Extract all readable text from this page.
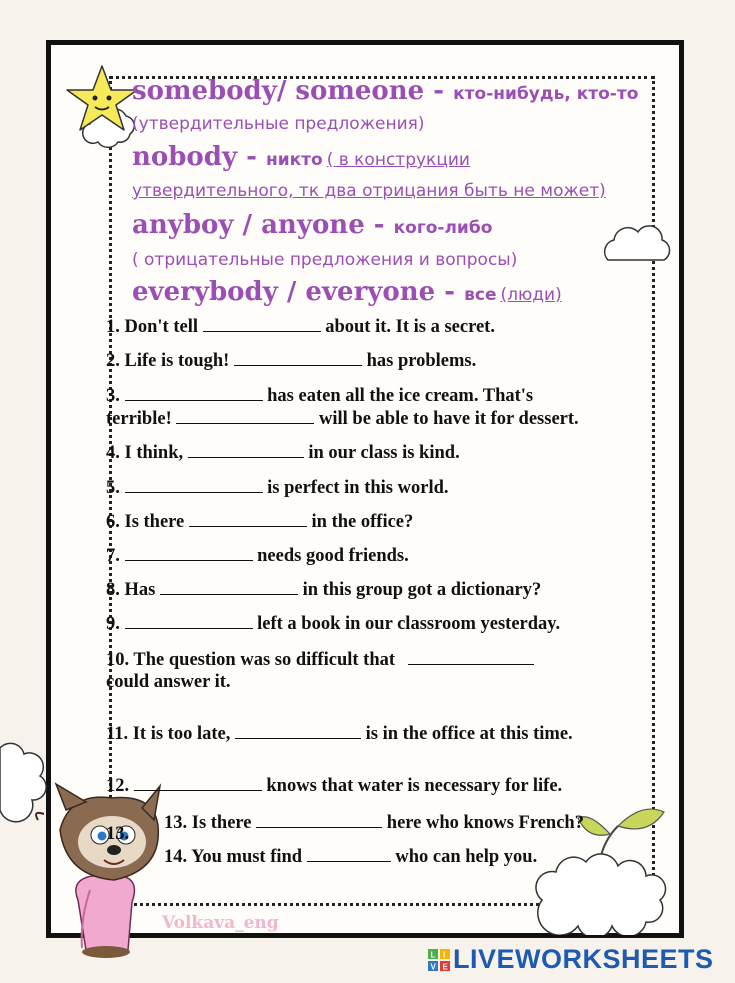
somebody/ someone - кто-нибудь, кто-то
(утвердительные предложения)
nobody - никто ( в конструкции
утвердительного, тк два отрицания быть не может)
anyboy / anyone - кого-либо
( отрицательные предложения и вопросы)
everybody / everyone - все (люди)
1. Don't tell	about it. It is a secret.
2. Life is tough!	has problems.
3.	has eaten all the ice cream. That's
terrible!	will be able to have it for dessert.
4. I think,	in our class is kind.
5.	is perfect in this world.
6. Is there	in the office?
7.	needs good friends.
8. Has	in this group got a dictionary?
9.	left a book in our classroom yesterday.
10. The question was so difficult that
could answer it.
11. It is too late,	is in the office at this time.
12.	knows that water is necessary for life.
13.
13. Is there	here who knows French?
14. You must find	who can help you.
Volkava_eng
L I
V E LIVEWORKSHEETS
